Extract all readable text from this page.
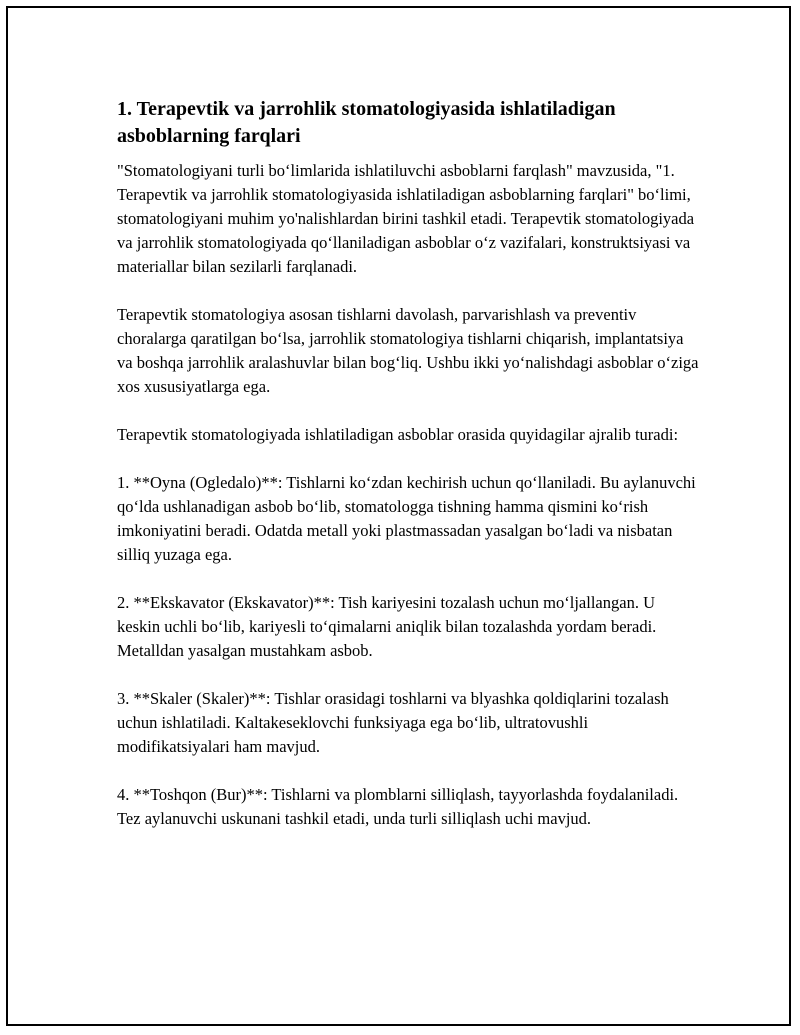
1. Terapevtik va jarrohlik stomatologiyasida ishlatiladigan asboblarning farqlari

"Stomatologiyani turli bo‘limlarida ishlatiluvchi asboblarni farqlash" mavzusida, "1. Terapevtik va jarrohlik stomatologiyasida ishlatiladigan asboblarning farqlari" bo‘limi, stomatologiyani muhim yo'nalishlardan birini tashkil etadi. Terapevtik stomatologiyada va jarrohlik stomatologiyada qo‘llaniladigan asboblar o‘z vazifalari, konstruktsiyasi va materiallar bilan sezilarli farqlanadi.

Terapevtik stomatologiya asosan tishlarni davolash, parvarishlash va preventiv choralarga qaratilgan bo‘lsa, jarrohlik stomatologiya tishlarni chiqarish, implantatsiya va boshqa jarrohlik aralashuvlar bilan bog‘liq. Ushbu ikki yo‘nalishdagi asboblar o‘ziga xos xususiyatlarga ega.

Terapevtik stomatologiyada ishlatiladigan asboblar orasida quyidagilar ajralib turadi:

1. **Oyna (Ogledalo)**: Tishlarni ko‘zdan kechirish uchun qo‘llaniladi. Bu aylanuvchi qo‘lda ushlanadigan asbob bo‘lib, stomatologga tishning hamma qismini ko‘rish imkoniyatini beradi. Odatda metall yoki plastmassadan yasalgan bo‘ladi va nisbatan silliq yuzaga ega.

2. **Ekskavator (Ekskavator)**: Tish kariyesini tozalash uchun mo‘ljallangan. U keskin uchli bo‘lib, kariyesli to‘qimalarni aniqlik bilan tozalashda yordam beradi. Metalldan yasalgan mustahkam asbob.

3. **Skaler (Skaler)**: Tishlar orasidagi toshlarni va blyashka qoldiqlarini tozalash uchun ishlatiladi. Kaltakeseklovchi funksiyaga ega bo‘lib, ultratovushli modifikatsiyalari ham mavjud.

4. **Toshqon (Bur)**: Tishlarni va plomblarni silliqlash, tayyorlashda foydalaniladi. Tez aylanuvchi uskunani tashkil etadi, unda turli silliqlash uchi mavjud.
